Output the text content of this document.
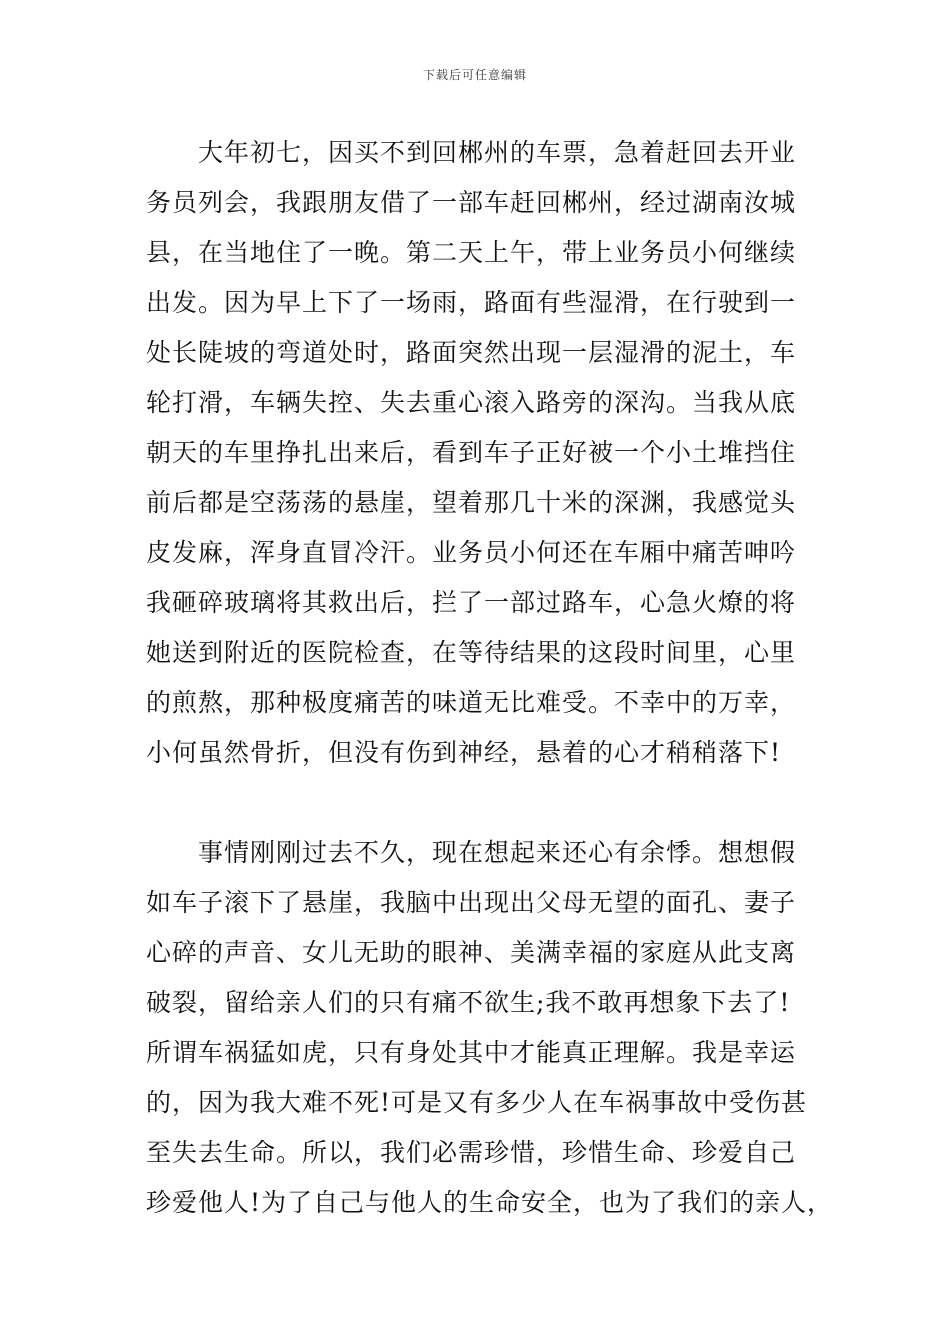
下载后可任意编辑
大年初七，因买不到回郴州的车票，急着赶回去开业
务员列会，我跟朋友借了一部车赶回郴州，经过湖南汝城
县，在当地住了一晚。第二天上午，带上业务员小何继续
出发。因为早上下了一场雨，路面有些湿滑，在行驶到一
处长陡坡的弯道处时，路面突然出现一层湿滑的泥土，车
轮打滑，车辆失控、失去重心滚入路旁的深沟。当我从底
朝天的车里挣扎出来后，看到车子正好被一个小土堆挡住
前后都是空荡荡的悬崖，望着那几十米的深渊，我感觉头
皮发麻，浑身直冒冷汗。业务员小何还在车厢中痛苦呻吟
我砸碎玻璃将其救出后，拦了一部过路车，心急火燎的将
她送到附近的医院检查，在等待结果的这段时间里，心里
的煎熬，那种极度痛苦的味道无比难受。不幸中的万幸，
小何虽然骨折，但没有伤到神经，悬着的心才稍稍落下!
事情刚刚过去不久，现在想起来还心有余悸。想想假
如车子滚下了悬崖，我脑中出现出父母无望的面孔、妻子
心碎的声音、女儿无助的眼神、美满幸福的家庭从此支离
破裂，留给亲人们的只有痛不欲生;我不敢再想象下去了!
所谓车祸猛如虎，只有身处其中才能真正理解。我是幸运
的，因为我大难不死!可是又有多少人在车祸事故中受伤甚
至失去生命。所以，我们必需珍惜，珍惜生命、珍爱自己
珍爱他人!为了自己与他人的生命安全，也为了我们的亲人，
